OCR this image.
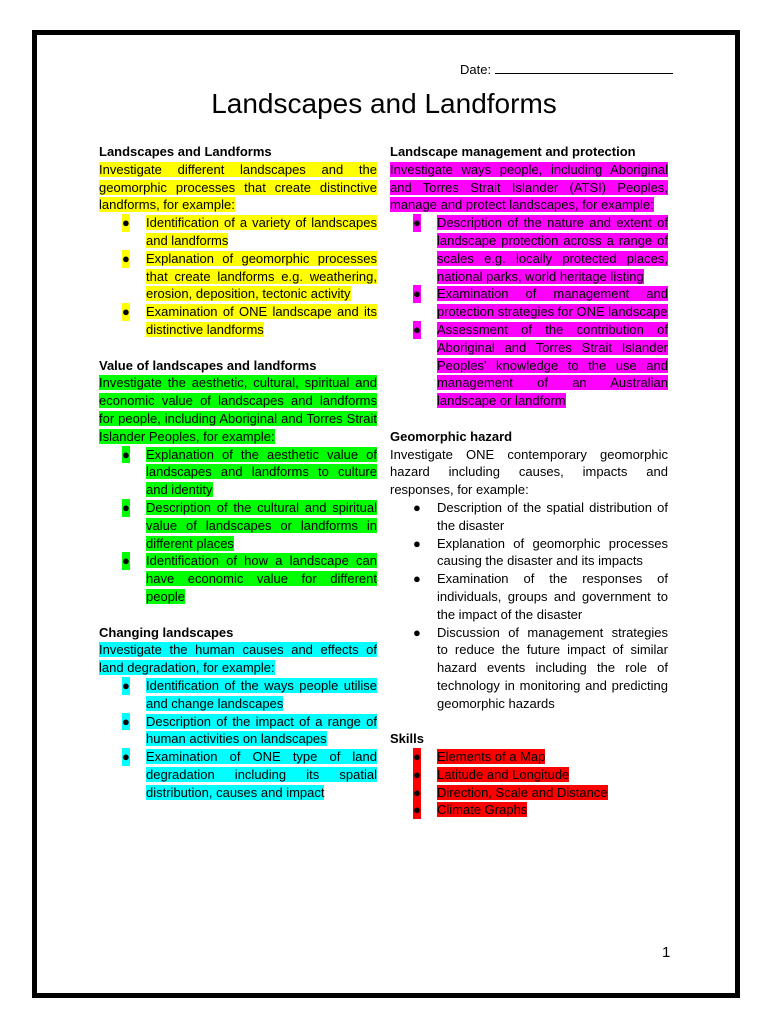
Date:
Landscapes and Landforms

Landscapes and Landforms

Investigate different landscapes and the geomorphic processes that create distinctive landforms, for example:

● Identification of a variety of landscapes and landforms
● Explanation of geomorphic processes that create landforms e.g. weathering, erosion, deposition, tectonic activity
● Examination of ONE landscape and its distinctive landforms

Value of landscapes and landforms

Investigate the aesthetic, cultural, spiritual and economic value of landscapes and landforms for people, including Aboriginal and Torres Strait Islander Peoples, for example:

● Explanation of the aesthetic value of landscapes and landforms to culture and identity
● Description of the cultural and spiritual value of landscapes or landforms in different places
● Identification of how a landscape can have economic value for different people

Changing landscapes

Investigate the human causes and effects of land degradation, for example:

● Identification of the ways people utilise and change landscapes
● Description of the impact of a range of human activities on landscapes
● Examination of ONE type of land degradation including its spatial distribution, causes and impact

Landscape management and protection

Investigate ways people, including Aboriginal and Torres Strait Islander (ATSI) Peoples, manage and protect landscapes, for example:

● Description of the nature and extent of landscape protection across a range of scales e.g. locally protected places, national parks, world heritage listing
● Examination of management and protection strategies for ONE landscape
● Assessment of the contribution of Aboriginal and Torres Strait Islander Peoples' knowledge to the use and management of an Australian landscape or landform

Geomorphic hazard

Investigate ONE contemporary geomorphic hazard including causes, impacts and responses, for example:

● Description of the spatial distribution of the disaster
● Explanation of geomorphic processes causing the disaster and its impacts
● Examination of the responses of individuals, groups and government to the impact of the disaster
● Discussion of management strategies to reduce the future impact of similar hazard events including the role of technology in monitoring and predicting geomorphic hazards

Skills

● Elements of a Map
● Latitude and Longitude
● Direction, Scale and Distance
● Climate Graphs
1
